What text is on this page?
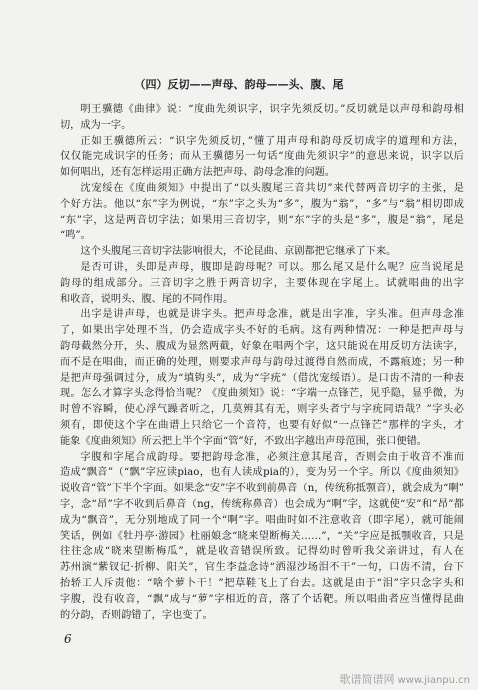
（四）反切——声母、韵母——头、腹、尾
明王骥德《曲律》说：“度曲先须识字，识字先须反切。”反切就是以声母和韵母相
切，成为一字。
正如王骥德所云：“识字先须反切，”懂了用声母和韵母反切成字的道理和方法，
仅仅能完成识字的任务；而从王骥德另一句话“度曲先须识字”的意思来说，识字以后
如何唱出，还有怎样运用正确方法把声母、韵母念准的问题。
沈宠绥在《度曲须知》中提出了“以头腹尾三音共切”来代替两音切字的主张，是
个好方法。他以“东”字为例说，“东”字之头为“多”，腹为“翁”，“多”与“翁”相切即成
“东”字，这是两音切字法；如果用三音切字，则“东”字的头是“多”，腹是“翁”，尾是
“鸣”。
这个头腹尾三音切字法影响很大，不论昆曲、京剧都把它继承了下来。
是否可讲，头即是声母，腹即是韵母呢？可以。那么尾又是什么呢？应当说尾是
韵母的组成部分。三音切字之胜于两音切字，主要体现在字尾上。试就唱曲的出字
和收音，说明头、腹、尾的不同作用。
出字是讲声母，也就是讲字头。把声母念准，就是出字准，字头准。但声母念准
了，如果出字处理不当，仍会造成字头不好的毛病。这有两种情况：一种是把声母与
韵母截然分开，头、腹成为显然两截，好象在唱两个字，这只能说在用反切方法读字，
而不是在唱曲，而正确的处理，则要求声母与韵母过渡得自然而成，不露痕迹；另一种
是把声母强调过分，成为“填钩头”，成为“字疣”（借沈宠绥语）。是口齿不清的一种表
现。怎么才算字头念得恰当呢？《度曲须知》说：“字端一点锋芒，见乎隐，显乎微，为
时曾不容瞬，使心浮气躁者听之，几莫辨其有无，则字头者宁与字疣同语哉？”字头必
须有，即使这个字在曲谱上只给它一个音符，也要有好似“一点锋芒”那样的字头，才
能象《度曲须知》所云把上半个字面“管”好，不致出字越出声母范围，张口便错。
字腹和字尾合成韵母。要把韵母念准，必须注意其尾音，否则会由于收音不准而
造成“飘音”（“飘”字应读piao，也有人读成pia的），变为另一个字。所以《度曲须知》
说收音“管”下半个字面。如果念“安”字不收到前鼻音（n，传统称抵颚音），就会成为“啊”
字，念“昂”字不收到后鼻音（ng，传统称鼻音）也会成为“啊”字，这就使“安”和“昂”都
成为“飘音”，无分别地成了同一个“啊”字。唱曲时如不注意收音（即字尾），就可能闹
笑话，例如《牡丹亭·游园》杜丽娘念“晓来望断梅关……”，“关”字应是抵颚收音，只是
往往念成“晓来望断梅瓜”，就是收音错误所致。记得幼时曾听我父亲讲过，有人在
苏州演“紫钗记·折柳、阳关”，官生李益念诗“洒湿沙场泪不干”一句，口齿不清，台下
抬轿工人斥责他：“啥个萝卜干！”把草鞋飞上了台去。这就是由于“泪”字只念字头和
字腹，没有收音，“飘”成与“萝”字相近的音，落了个话靶。所以唱曲者应当懂得昆曲
的分韵，否则韵错了，字也变了。
6
歌谱简谱网 www.jianpu.cn
